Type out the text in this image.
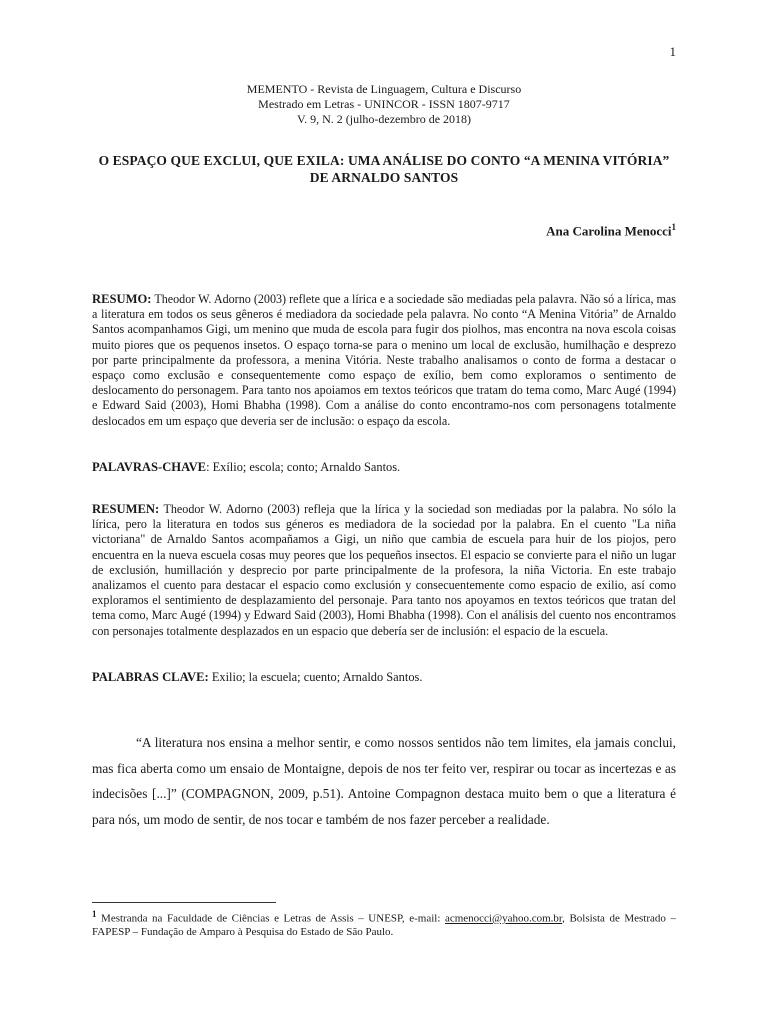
1
MEMENTO - Revista de Linguagem, Cultura e Discurso
Mestrado em Letras - UNINCOR - ISSN 1807-9717
V. 9, N. 2 (julho-dezembro de 2018)
O ESPAÇO QUE EXCLUI, QUE EXILA: UMA ANÁLISE DO CONTO “A MENINA VITÓRIA” DE ARNALDO SANTOS
Ana Carolina Menocci$^1$
RESUMO: Theodor W. Adorno (2003) reflete que a lírica e a sociedade são mediadas pela palavra. Não só a lírica, mas a literatura em todos os seus gêneros é mediadora da sociedade pela palavra. No conto “A Menina Vitória” de Arnaldo Santos acompanhamos Gigi, um menino que muda de escola para fugir dos piolhos, mas encontra na nova escola coisas muito piores que os pequenos insetos. O espaço torna-se para o menino um local de exclusão, humilhação e desprezo por parte principalmente da professora, a menina Vitória. Neste trabalho analisamos o conto de forma a destacar o espaço como exclusão e consequentemente como espaço de exílio, bem como exploramos o sentimento de deslocamento do personagem. Para tanto nos apoiamos em textos teóricos que tratam do tema como, Marc Augé (1994) e Edward Said (2003), Homi Bhabha (1998). Com a análise do conto encontramo-nos com personagens totalmente deslocados em um espaço que deveria ser de inclusão: o espaço da escola.
PALAVRAS-CHAVE: Exílio; escola; conto; Arnaldo Santos.
RESUMEN: Theodor W. Adorno (2003) refleja que la lírica y la sociedad son mediadas por la palabra. No sólo la lírica, pero la literatura en todos sus géneros es mediadora de la sociedad por la palabra. En el cuento "La niña victoriana" de Arnaldo Santos acompañamos a Gigi, un niño que cambia de escuela para huir de los piojos, pero encuentra en la nueva escuela cosas muy peores que los pequeños insectos. El espacio se convierte para el niño un lugar de exclusión, humillación y desprecio por parte principalmente de la profesora, la niña Victoria. En este trabajo analizamos el cuento para destacar el espacio como exclusión y consecuentemente como espacio de exilio, así como exploramos el sentimiento de desplazamiento del personaje. Para tanto nos apoyamos en textos teóricos que tratan del tema como, Marc Augé (1994) y Edward Said (2003), Homi Bhabha (1998). Con el análisis del cuento nos encontramos con personajes totalmente desplazados en un espacio que debería ser de inclusión: el espacio de la escuela.
PALABRAS CLAVE: Exilio; la escuela; cuento; Arnaldo Santos.
“A literatura nos ensina a melhor sentir, e como nossos sentidos não tem limites, ela jamais conclui, mas fica aberta como um ensaio de Montaigne, depois de nos ter feito ver, respirar ou tocar as incertezas e as indecisões [...]” (COMPAGNON, 2009, p.51). Antoine Compagnon destaca muito bem o que a literatura é para nós, um modo de sentir, de nos tocar e também de nos fazer perceber a realidade.
$^1$ Mestranda na Faculdade de Ciências e Letras de Assis – UNESP, e-mail: acmenocci@yahoo.com.br, Bolsista de Mestrado – FAPESP – Fundação de Amparo à Pesquisa do Estado de São Paulo.
